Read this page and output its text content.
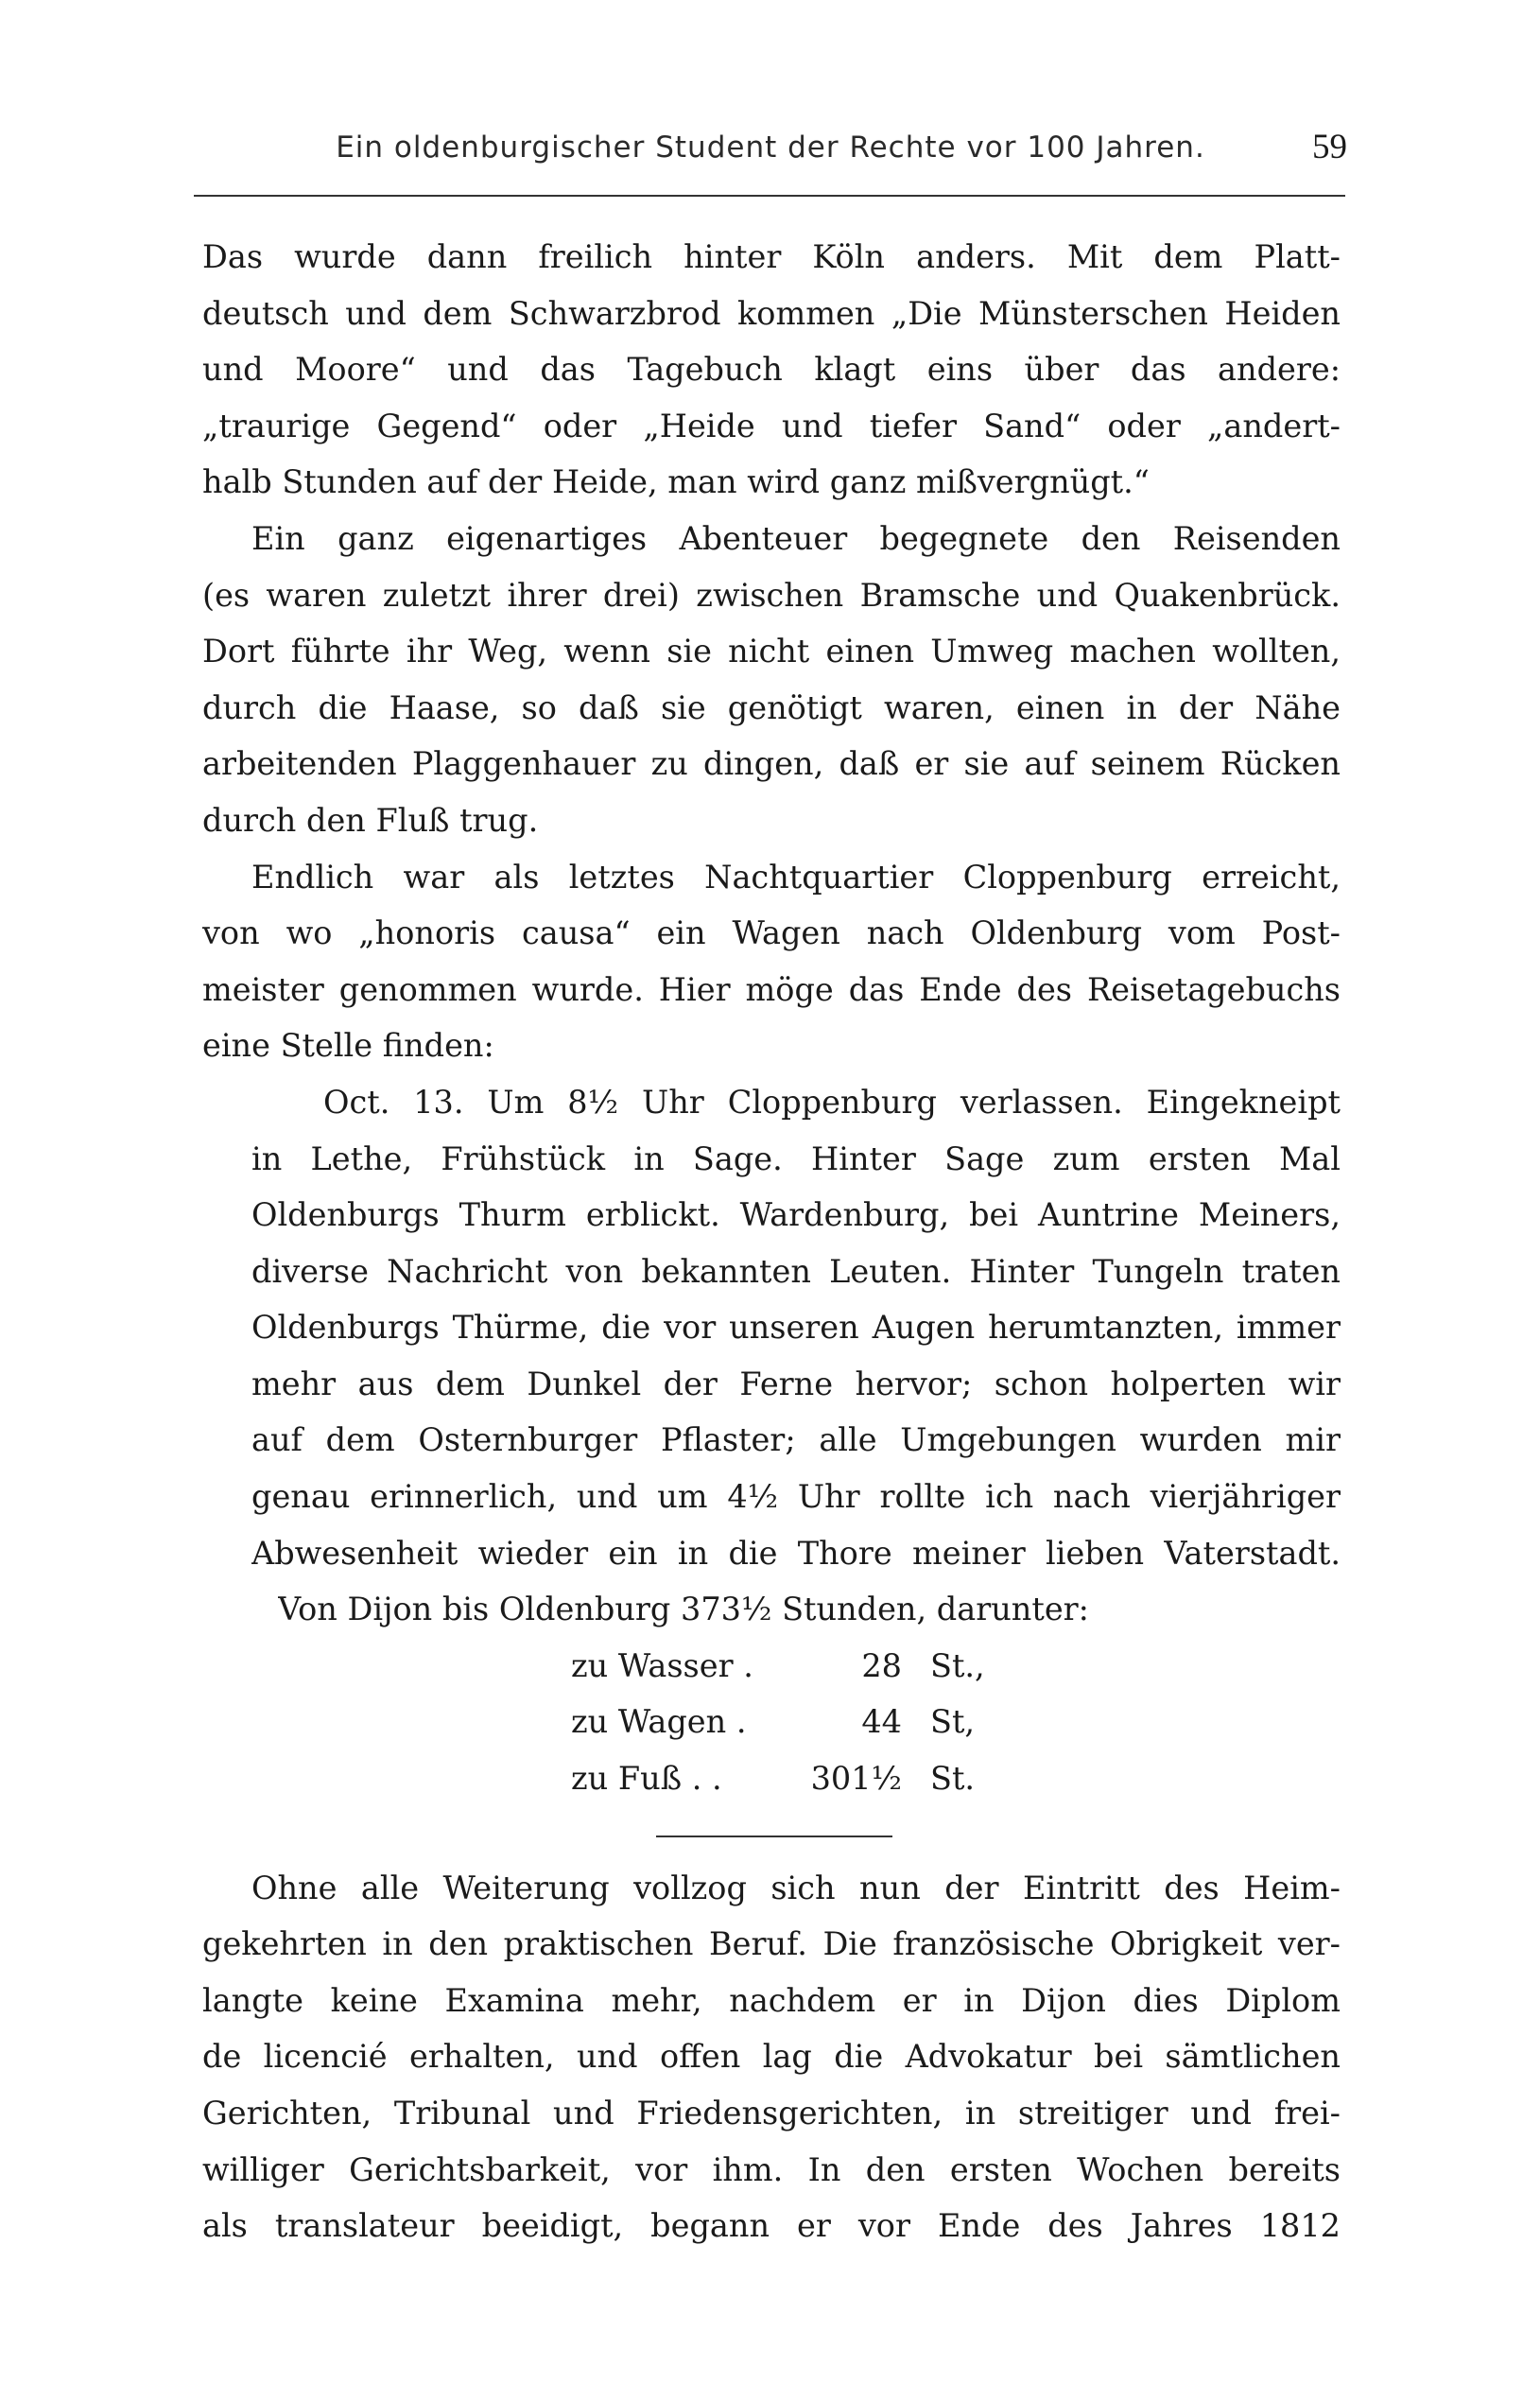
Ein oldenburgischer Student der Rechte vor 100 Jahren.	59
Das wurde dann freilich hinter Köln anders. Mit dem Platt-
deutsch und dem Schwarzbrod kommen „Die Münsterschen Heiden
und Moore“ und das Tagebuch klagt eins über das andere:
„traurige Gegend“ oder „Heide und tiefer Sand“ oder „andert-
halb Stunden auf der Heide, man wird ganz mißvergnügt.“
Ein ganz eigenartiges Abenteuer begegnete den Reisenden
(es waren zuletzt ihrer drei) zwischen Bramsche und Quakenbrück.
Dort führte ihr Weg, wenn sie nicht einen Umweg machen wollten,
durch die Haase, so daß sie genötigt waren, einen in der Nähe
arbeitenden Plaggenhauer zu dingen, daß er sie auf seinem Rücken
durch den Fluß trug.
Endlich war als letztes Nachtquartier Cloppenburg erreicht,
von wo „honoris causa“ ein Wagen nach Oldenburg vom Post-
meister genommen wurde. Hier möge das Ende des Reisetagebuchs
eine Stelle finden:
Oct. 13. Um 8½ Uhr Cloppenburg verlassen. Eingekneipt
in Lethe, Frühstück in Sage. Hinter Sage zum ersten Mal
Oldenburgs Thurm erblickt. Wardenburg, bei Auntrine Meiners,
diverse Nachricht von bekannten Leuten. Hinter Tungeln traten
Oldenburgs Thürme, die vor unseren Augen herumtanzten, immer
mehr aus dem Dunkel der Ferne hervor; schon holperten wir
auf dem Osternburger Pflaster; alle Umgebungen wurden mir
genau erinnerlich, und um 4½ Uhr rollte ich nach vierjähriger
Abwesenheit wieder ein in die Thore meiner lieben Vaterstadt.
Von Dijon bis Oldenburg 373½ Stunden, darunter:
zu Wasser .	28 St.,
zu Wagen .	44 St,
zu Fuß . .	301½ St.
Ohne alle Weiterung vollzog sich nun der Eintritt des Heim-
gekehrten in den praktischen Beruf. Die französische Obrigkeit ver-
langte keine Examina mehr, nachdem er in Dijon dies Diplom
de licencié erhalten, und offen lag die Advokatur bei sämtlichen
Gerichten, Tribunal und Friedensgerichten, in streitiger und frei-
williger Gerichtsbarkeit, vor ihm. In den ersten Wochen bereits
als translateur beeidigt, begann er vor Ende des Jahres 1812
